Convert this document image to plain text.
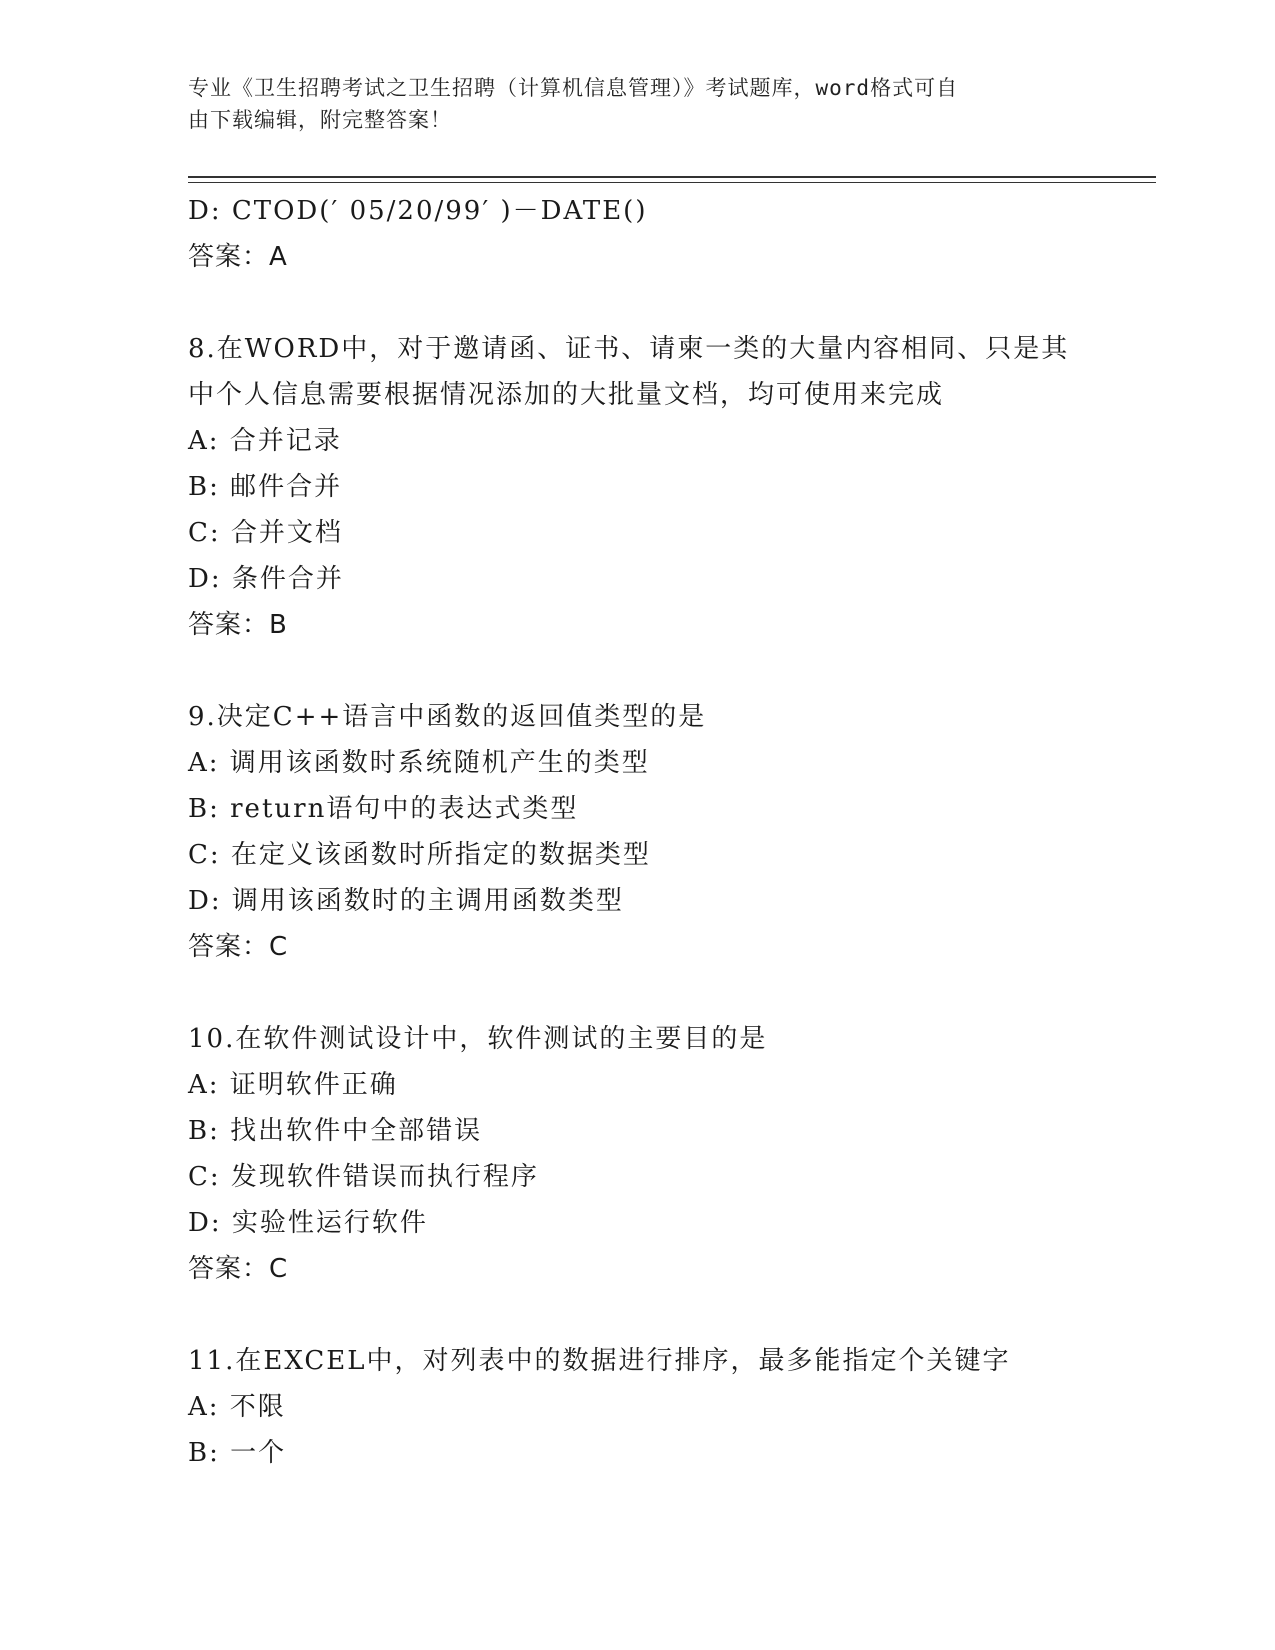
专业《卫生招聘考试之卫生招聘（计算机信息管理）》考试题库，word格式可自
由下载编辑，附完整答案！
D: CTOD(′ 05/20/99′ )－DATE()
答案：A
8.在WORD中，对于邀请函、证书、请柬一类的大量内容相同、只是其
中个人信息需要根据情况添加的大批量文档，均可使用来完成
A: 合并记录
B: 邮件合并
C: 合并文档
D: 条件合并
答案：B
9.决定C++语言中函数的返回值类型的是
A: 调用该函数时系统随机产生的类型
B: return语句中的表达式类型
C: 在定义该函数时所指定的数据类型
D: 调用该函数时的主调用函数类型
答案：C
10.在软件测试设计中，软件测试的主要目的是
A: 证明软件正确
B: 找出软件中全部错误
C: 发现软件错误而执行程序
D: 实验性运行软件
答案：C
11.在EXCEL中，对列表中的数据进行排序，最多能指定个关键字
A: 不限
B: 一个
